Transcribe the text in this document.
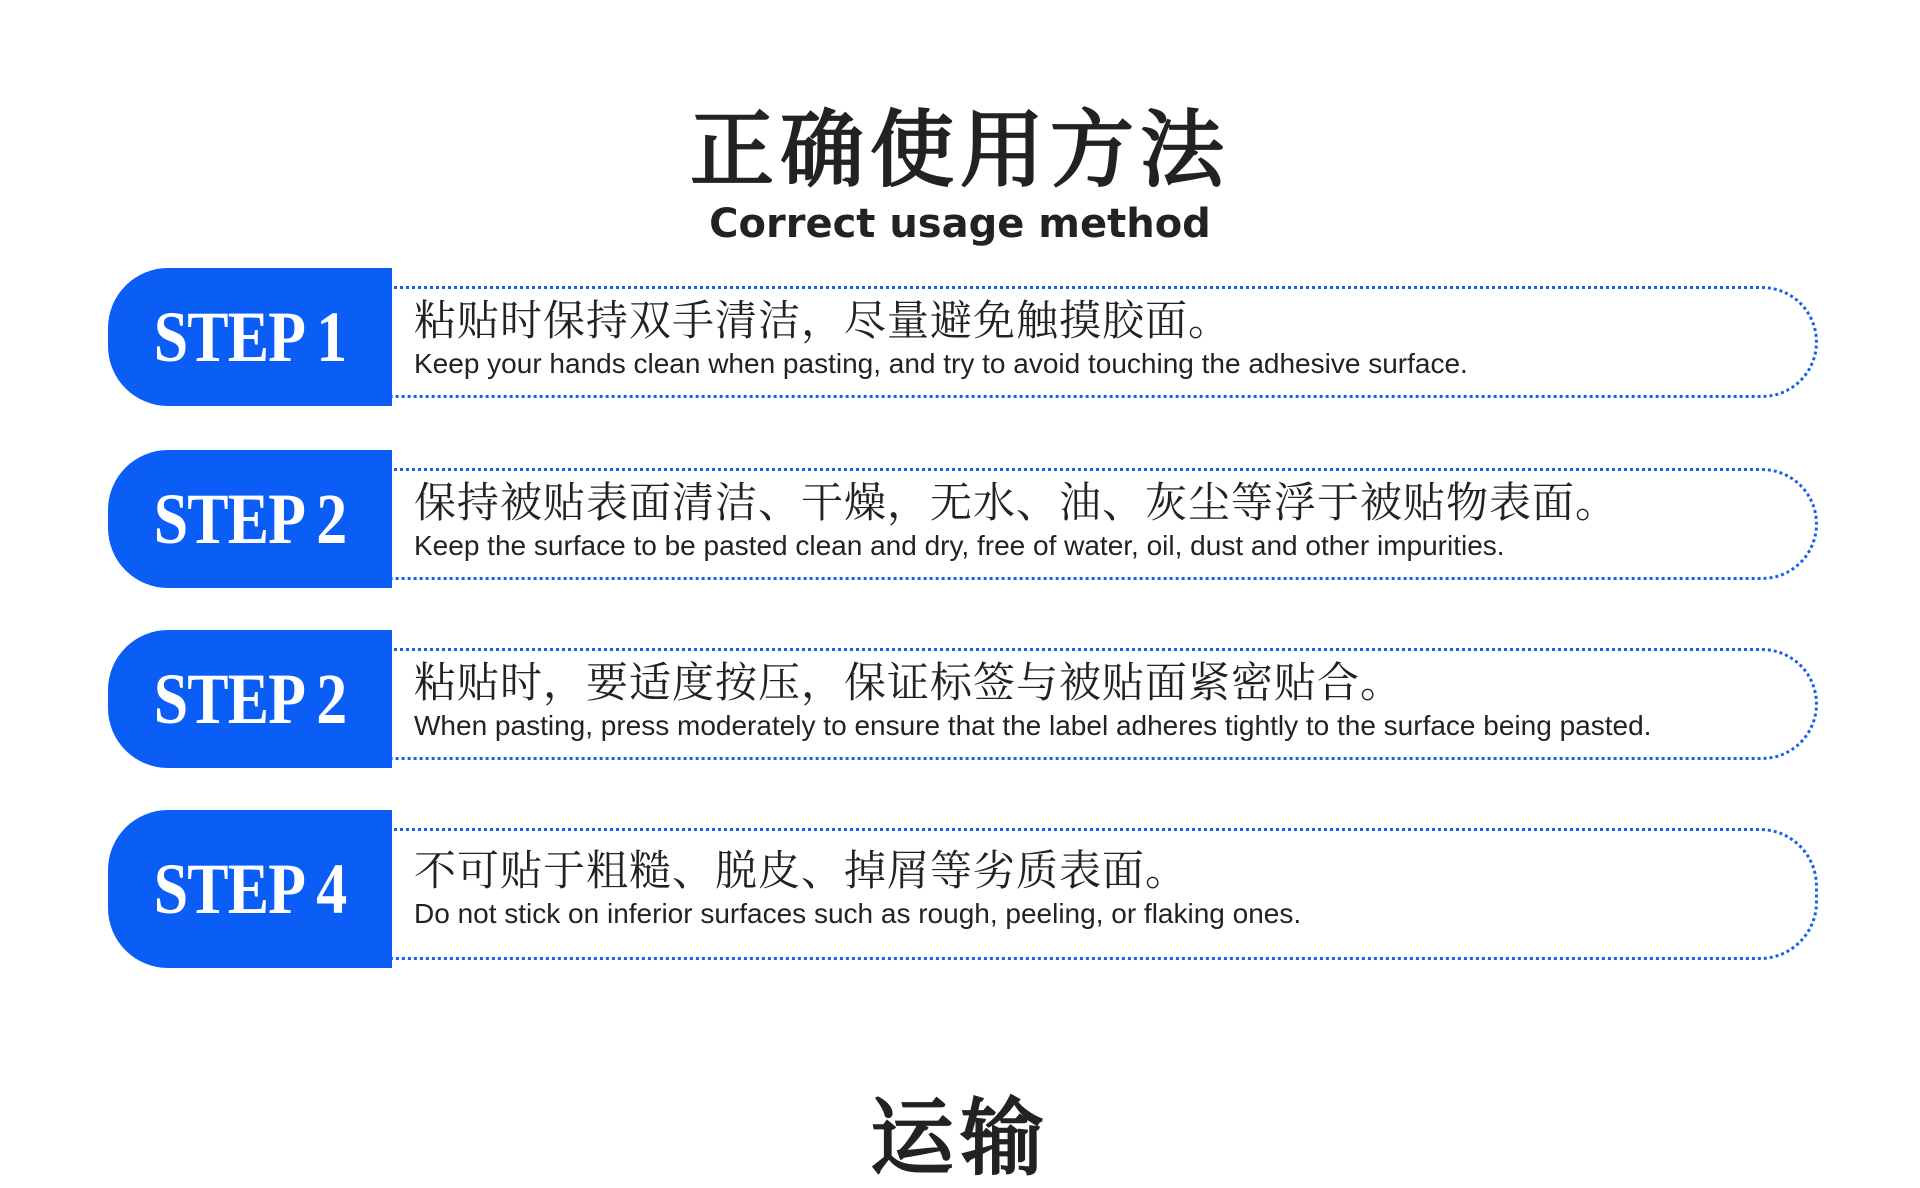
正确使用方法
Correct usage method
STEP 1 粘贴时保持双手清洁，尽量避免触摸胶面。
Keep your hands clean when pasting, and try to avoid touching the adhesive surface.
STEP 2 保持被贴表面清洁、干燥，无水、油、灰尘等浮于被贴物表面。
Keep the surface to be pasted clean and dry, free of water, oil, dust and other impurities.
STEP 2 粘贴时，要适度按压，保证标签与被贴面紧密贴合。
When pasting, press moderately to ensure that the label adheres tightly to the surface being pasted.
STEP 4 不可贴于粗糙、脱皮、掉屑等劣质表面。
Do not stick on inferior surfaces such as rough, peeling, or flaking ones.
运输
